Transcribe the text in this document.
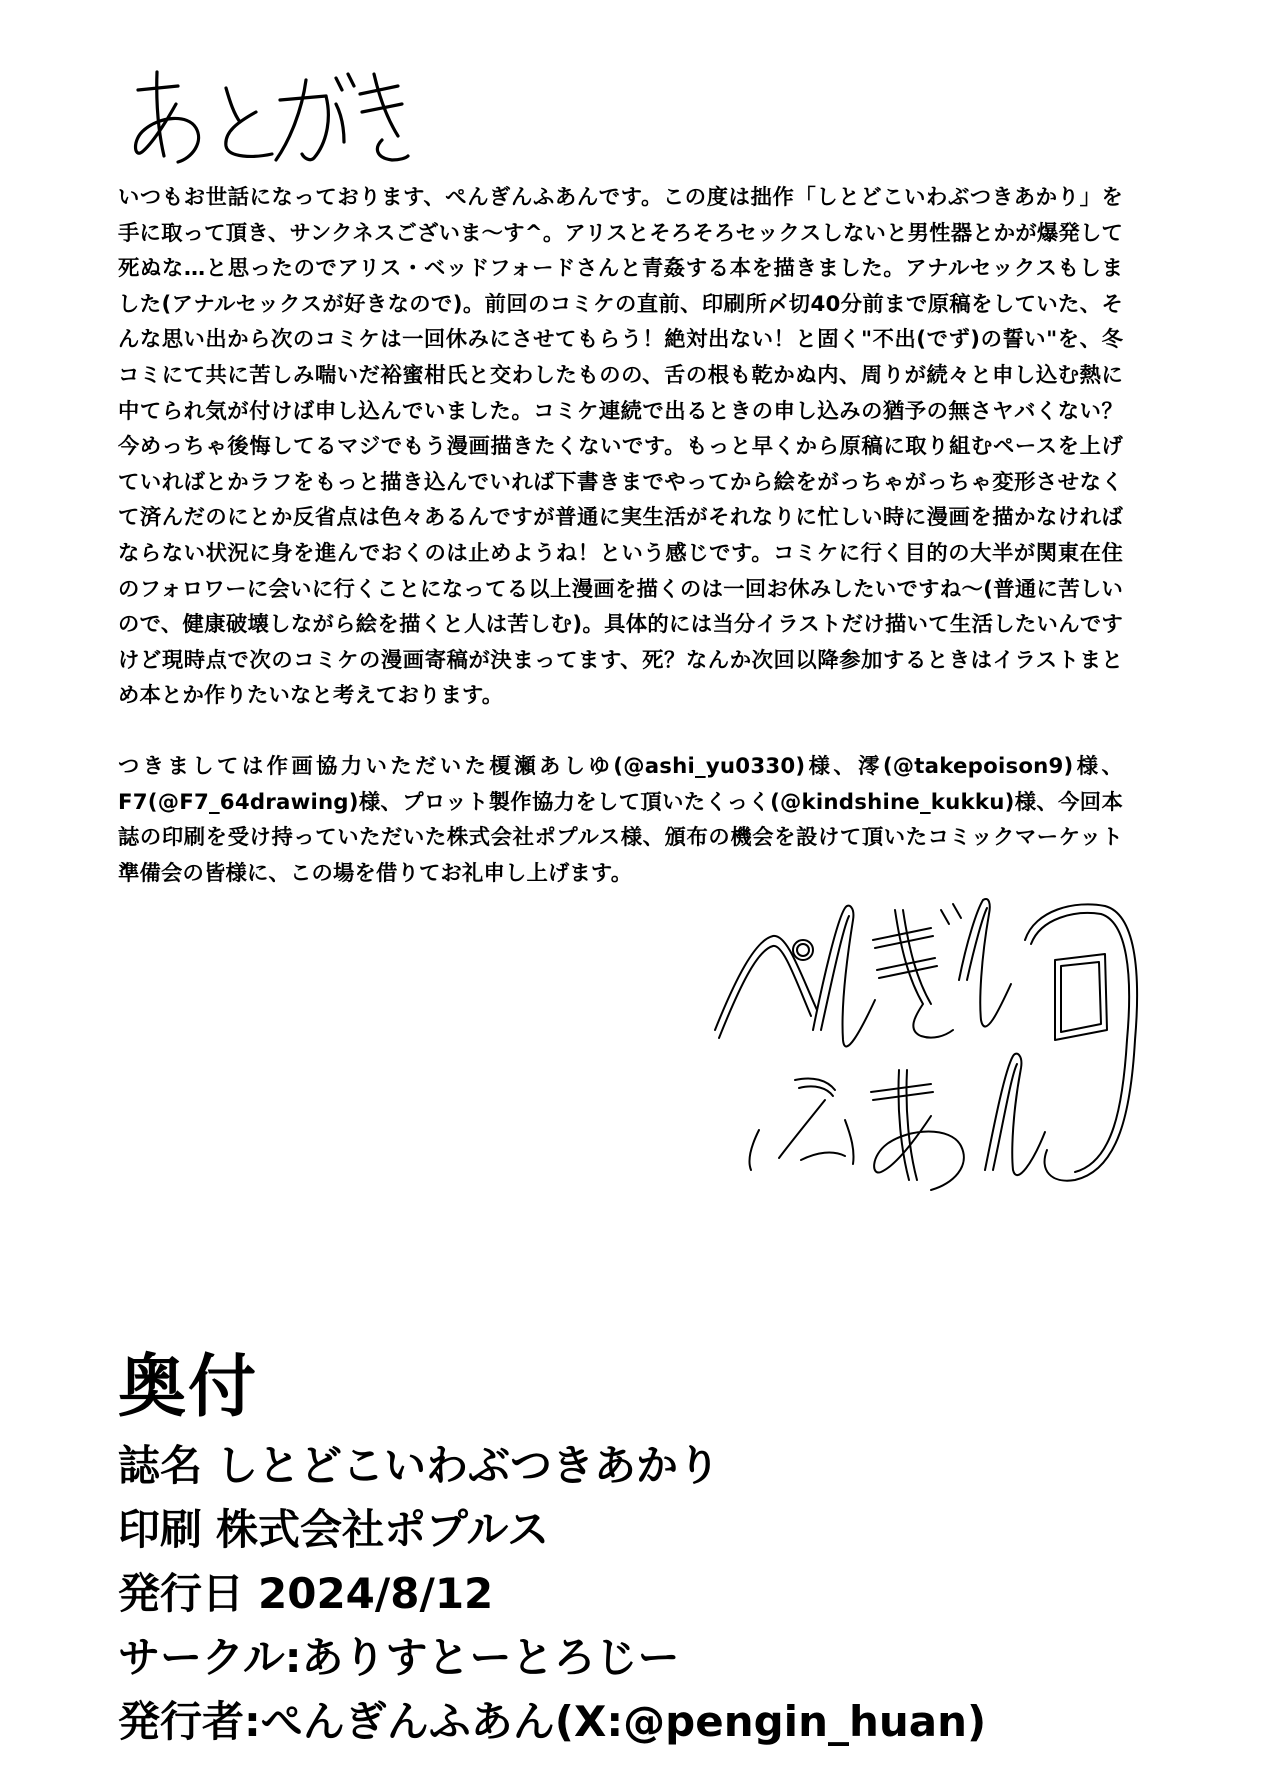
いつもお世話になっております、ぺんぎんふあんです。この度は拙作「しとどこいわぶつきあかり」を手に取って頂き、サンクネスございま〜す^。アリスとそろそろセックスしないと男性器とかが爆発して死ぬな…と思ったのでアリス・ベッドフォードさんと青姦する本を描きました。アナルセックスもしました(アナルセックスが好きなので)。前回のコミケの直前、印刷所〆切40分前まで原稿をしていた、そんな思い出から次のコミケは一回休みにさせてもらう！絶対出ない！と固く"不出(でず)の誓い"を、冬コミにて共に苦しみ喘いだ裕蜜柑氏と交わしたものの、舌の根も乾かぬ内、周りが続々と申し込む熱に中てられ気が付けば申し込んでいました。コミケ連続で出るときの申し込みの猶予の無さヤバくない？今めっちゃ後悔してるマジでもう漫画描きたくないです。もっと早くから原稿に取り組むペースを上げていればとかラフをもっと描き込んでいれば下書きまでやってから絵をがっちゃがっちゃ変形させなくて済んだのにとか反省点は色々あるんですが普通に実生活がそれなりに忙しい時に漫画を描かなければならない状況に身を進んでおくのは止めようね！という感じです。コミケに行く目的の大半が関東在住のフォロワーに会いに行くことになってる以上漫画を描くのは一回お休みしたいですね〜(普通に苦しいので、健康破壊しながら絵を描くと人は苦しむ)。具体的には当分イラストだけ描いて生活したいんですけど現時点で次のコミケの漫画寄稿が決まってます、死？なんか次回以降参加するときはイラストまとめ本とか作りたいなと考えております。

つきましては作画協力いただいた榎瀬あしゆ(@ashi_yu0330)様、澪(@takepoison9)様、F7(@F7_64drawing)様、プロット製作協力をして頂いたくっく(@kindshine_kukku)様、今回本誌の印刷を受け持っていただいた株式会社ポプルス様、頒布の機会を設けて頂いたコミックマーケット準備会の皆様に、この場を借りてお礼申し上げます。

奥付
誌名 しとどこいわぶつきあかり
印刷 株式会社ポプルス
発行日 2024/8/12
サークル:ありすとーとろじー
発行者:ぺんぎんふあん(X:@pengin_huan)
